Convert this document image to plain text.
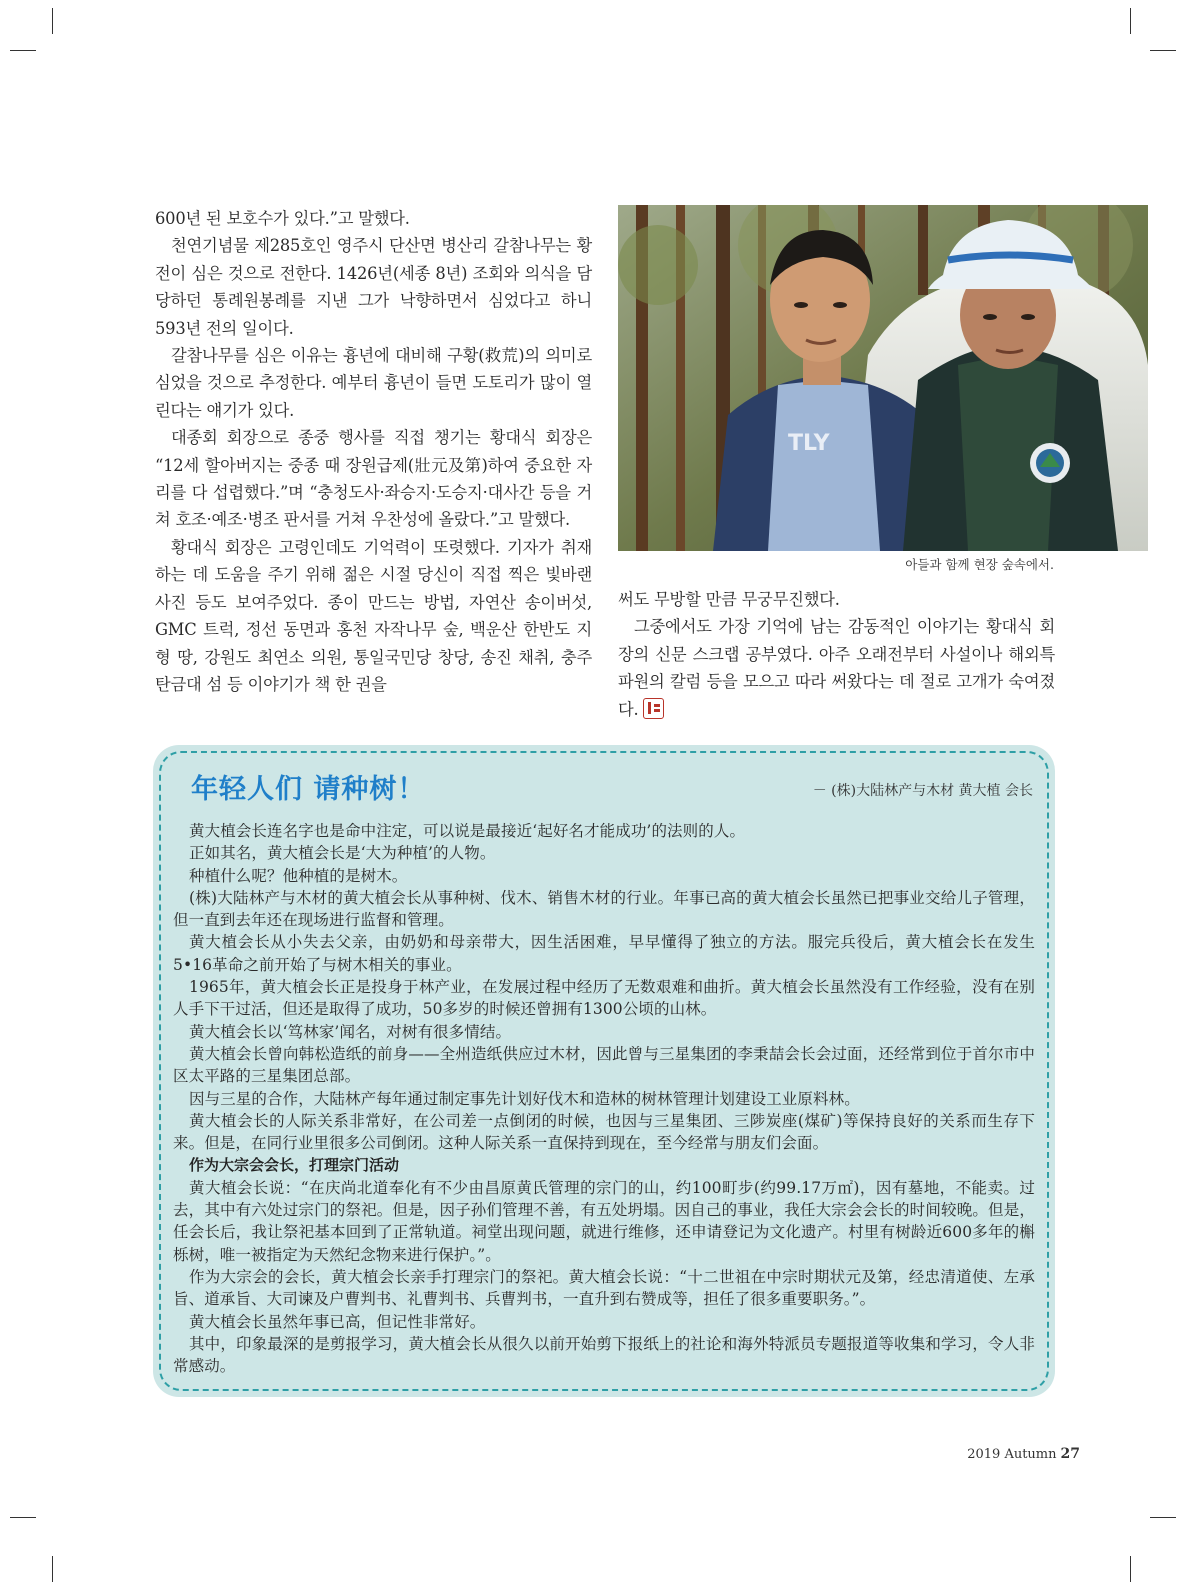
600년 된 보호수가 있다.”고 말했다.

천연기념물 제285호인 영주시 단산면 병산리 갈참나무는 황전이 심은 것으로 전한다. 1426년(세종 8년) 조회와 의식을 담당하던 통례원봉례를 지낸 그가 낙향하면서 심었다고 하니 593년 전의 일이다.

갈참나무를 심은 이유는 흉년에 대비해 구황(救荒)의 의미로 심었을 것으로 추정한다. 예부터 흉년이 들면 도토리가 많이 열린다는 얘기가 있다.

대종회 회장으로 종중 행사를 직접 챙기는 황대식 회장은 “12세 할아버지는 중종 때 장원급제(壯元及第)하여 중요한 자리를 다 섭렵했다.”며 “충청도사·좌승지·도승지·대사간 등을 거쳐 호조·예조·병조 판서를 거쳐 우찬성에 올랐다.”고 말했다.

황대식 회장은 고령인데도 기억력이 또렷했다. 기자가 취재하는 데 도움을 주기 위해 젊은 시절 당신이 직접 찍은 빛바랜 사진 등도 보여주었다. 종이 만드는 방법, 자연산 송이버섯, GMC 트럭, 정선 동면과 홍천 자작나무 숲, 백운산 한반도 지형 땅, 강원도 최연소 의원, 통일국민당 창당, 송진 채취, 충주 탄금대 섬 등 이야기가 책 한 권을

TLY
아들과 함께 현장 숲속에서.

써도 무방할 만큼 무궁무진했다.

그중에서도 가장 기억에 남는 감동적인 이야기는 황대식 회장의 신문 스크랩 공부였다. 아주 오래전부터 사설이나 해외특파원의 칼럼 등을 모으고 따라 써왔다는 데 절로 고개가 숙여졌다.

年轻人们 请种树！	－ (株)大陆林产与木材 黄大植 会长

黄大植会长连名字也是命中注定，可以说是最接近‘起好名才能成功’的法则的人。

正如其名，黄大植会长是‘大为种植’的人物。

种植什么呢？他种植的是树木。

(株)大陆林产与木材的黄大植会长从事种树、伐木、销售木材的行业。年事已高的黄大植会长虽然已把事业交给儿子管理，但一直到去年还在现场进行监督和管理。

黄大植会长从小失去父亲，由奶奶和母亲带大，因生活困难，早早懂得了独立的方法。服完兵役后，黄大植会长在发生5•16革命之前开始了与树木相关的事业。

1965年，黄大植会长正是投身于林产业，在发展过程中经历了无数艰难和曲折。黄大植会长虽然没有工作经验，没有在别人手下干过活，但还是取得了成功，50多岁的时候还曾拥有1300公顷的山林。

黄大植会长以‘笃林家’闻名，对树有很多情结。

黄大植会长曾向韩松造纸的前身——全州造纸供应过木材，因此曾与三星集团的李秉喆会长会过面，还经常到位于首尔市中区太平路的三星集团总部。

因与三星的合作，大陆林产每年通过制定事先计划好伐木和造林的树林管理计划建设工业原料林。

黄大植会长的人际关系非常好，在公司差一点倒闭的时候，也因与三星集团、三陟炭座(煤矿)等保持良好的关系而生存下来。但是，在同行业里很多公司倒闭。这种人际关系一直保持到现在，至今经常与朋友们会面。

作为大宗会会长，打理宗门活动

黄大植会长说：“在庆尚北道奉化有不少由昌原黄氏管理的宗门的山，约100町步(约99.17万㎡)，因有墓地，不能卖。过去，其中有六处过宗门的祭祀。但是，因子孙们管理不善，有五处坍塌。因自己的事业，我任大宗会会长的时间较晚。但是，任会长后，我让祭祀基本回到了正常轨道。祠堂出现问题，就进行维修，还申请登记为文化遗产。村里有树龄近600多年的槲栎树，唯一被指定为天然纪念物来进行保护。”。

作为大宗会的会长，黄大植会长亲手打理宗门的祭祀。黄大植会长说：“十二世祖在中宗时期状元及第，经忠清道使、左承旨、道承旨、大司谏及户曹判书、礼曹判书、兵曹判书，一直升到右赞成等，担任了很多重要职务。”。

黄大植会长虽然年事已高，但记性非常好。

其中，印象最深的是剪报学习，黄大植会长从很久以前开始剪下报纸上的社论和海外特派员专题报道等收集和学习，令人非常感动。

2019 Autumn 27
